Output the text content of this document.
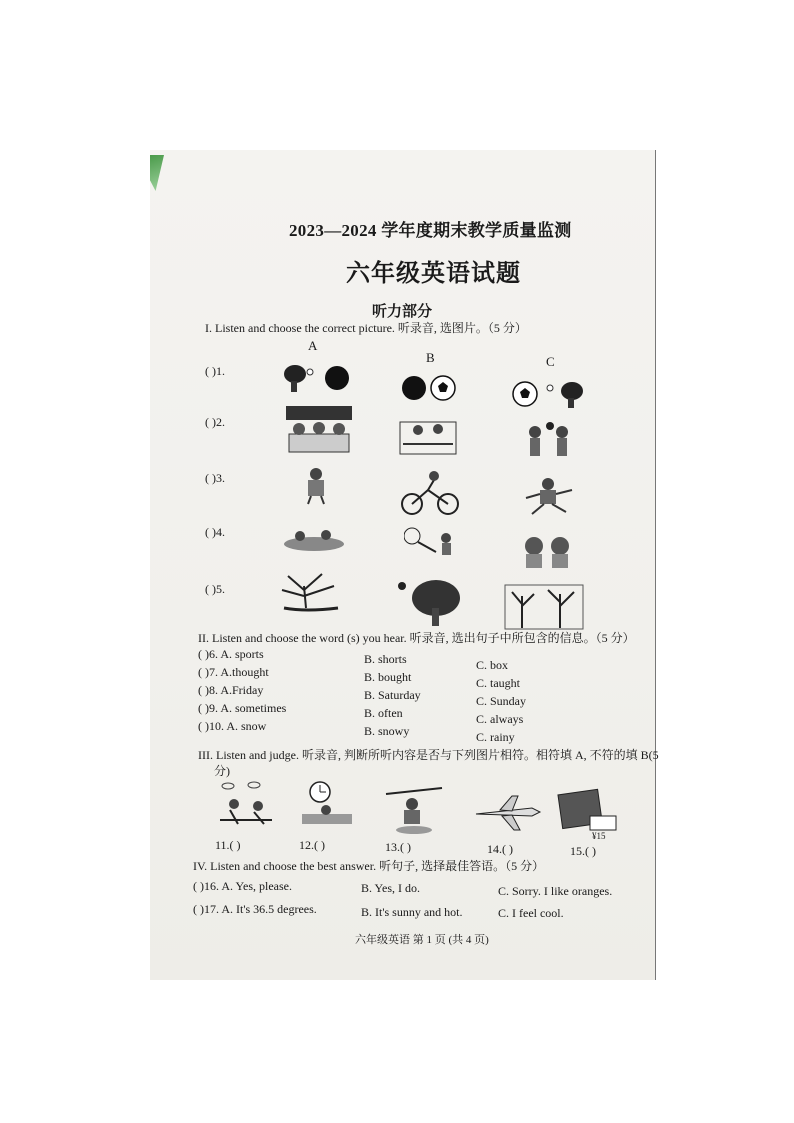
2023—2024 学年度期末教学质量监测
六年级英语试题
听力部分
I. Listen and choose the correct picture. 听录音, 选图片。（5 分）
A
B	C
( )1.
( )2.
( )3.
( )4.
( )5.
II. Listen and choose the word (s) you hear. 听录音, 选出句子中所包含的信息。（5 分）
( )6. A. sports	B. shorts	C. box
( )7. A.thought	B. bought	C. taught
( )8. A.Friday	B. Saturday	C. Sunday
( )9. A. sometimes	B. often	C. always
( )10. A. snow	B. snowy	C. rainy
III. Listen and judge. 听录音, 判断所听内容是否与下列图片相符。相符填 A, 不符的填 B(5
分)
¥15
11.( )	12.( )	13.( )	14.( )	15.( )
IV. Listen and choose the best answer. 听句子, 选择最佳答语。（5 分）
( )16. A. Yes, please.	B. Yes, I do.	C. Sorry. I like oranges.
( )17. A. It's 36.5 degrees.	B. It's sunny and hot.	C. I feel cool.
六年级英语 第 1 页 (共 4 页)
